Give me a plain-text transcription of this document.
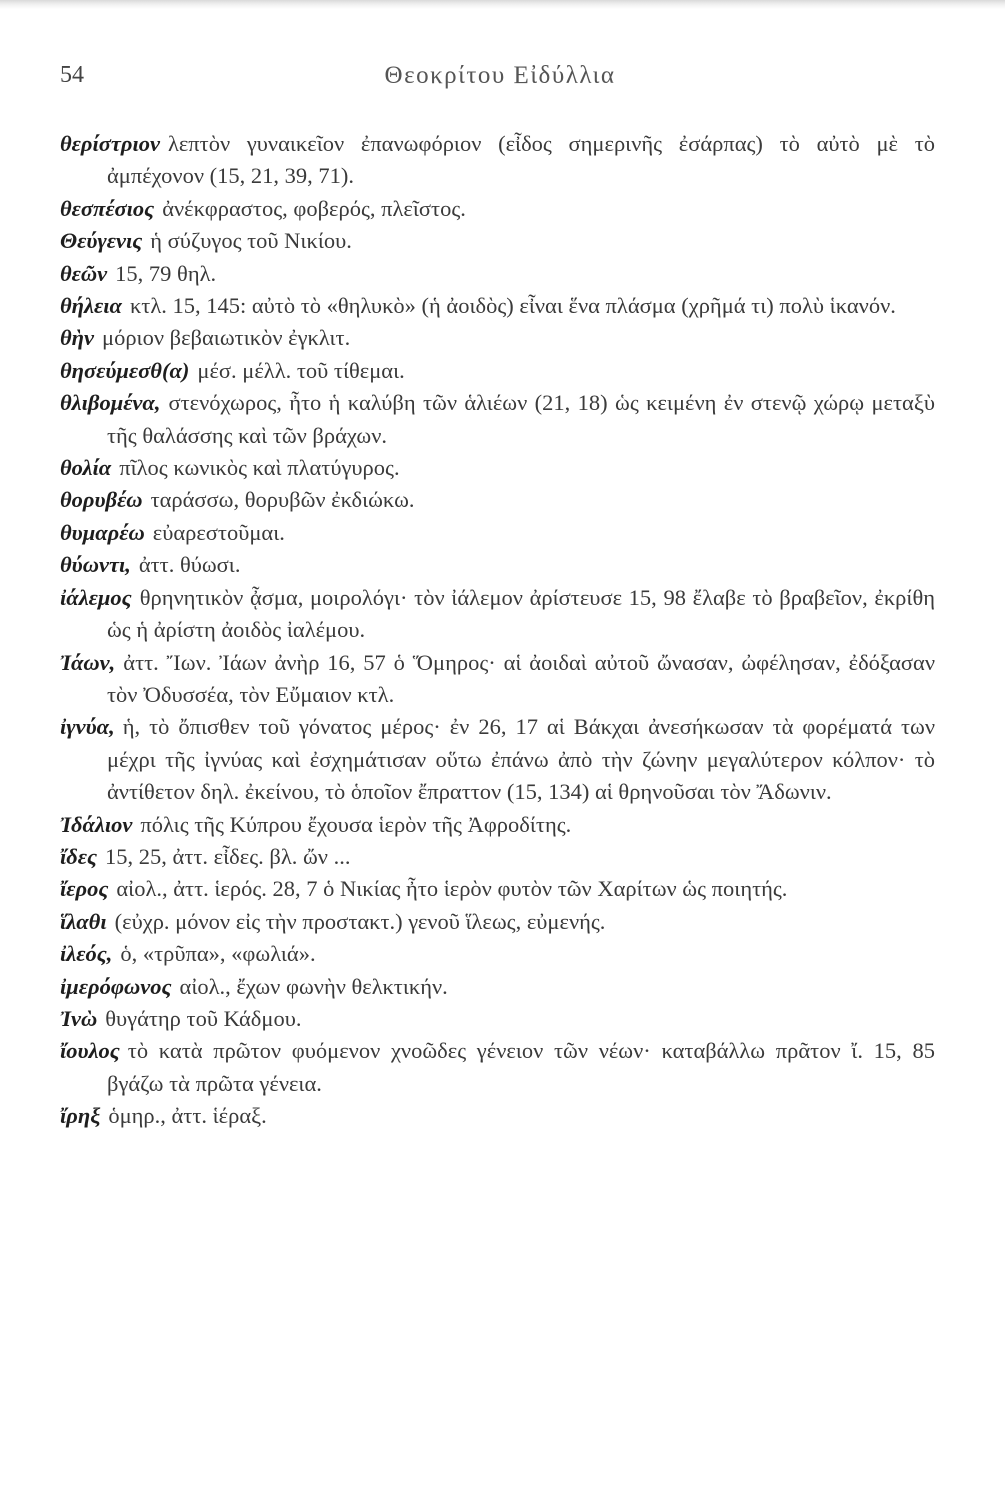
54	Θεοκρίτου Εἰδύλλια

θερίστριον λεπτὸν γυναικεῖον ἐπανωφόριον (εἶδος σημερινῆς ἐσάρπας) τὸ αὐτὸ μὲ τὸ ἀμπέχονον (15, 21, 39, 71).

θεσπέσιος ἀνέκφραστος, φοβερός, πλεῖστος.

Θεύγενις ἡ σύζυγος τοῦ Νικίου.

θεῶν 15, 79 θηλ.

θήλεια κτλ. 15, 145: αὐτὸ τὸ «θηλυκὸ» (ἡ ἀοιδὸς) εἶναι ἕνα πλάσμα (χρῆμά τι) πολὺ ἱκανόν.

θὴν μόριον βεβαιωτικὸν ἐγκλιτ.

θησεύμεσθ(α) μέσ. μέλλ. τοῦ τίθεμαι.

θλιβομένα, στενόχωρος, ἦτο ἡ καλύβη τῶν ἁλιέων (21, 18) ὡς κειμένη ἐν στενῷ χώρῳ μεταξὺ τῆς θαλάσσης καὶ τῶν βράχων.

θολία πῖλος κωνικὸς καὶ πλατύγυρος.

θορυβέω ταράσσω, θορυβῶν ἐκδιώκω.

θυμαρέω εὐαρεστοῦμαι.

θύωντι, ἀττ. θύωσι.

ἰάλεμος θρηνητικὸν ᾆσμα, μοιρολόγι· τὸν ἰάλεμον ἀρίστευσε 15, 98 ἔλαβε τὸ βραβεῖον, ἐκρίθη ὡς ἡ ἀρίστη ἀοιδὸς ἰαλέμου.

Ἰάων, ἀττ. Ἴων. Ἰάων ἀνὴρ 16, 57 ὁ Ὅμηρος· αἱ ἀοιδαὶ αὐτοῦ ὤνασαν, ὠφέλησαν, ἐδόξασαν τὸν Ὀδυσσέα, τὸν Εὔμαιον κτλ.

ἰγνύα, ἡ, τὸ ὄπισθεν τοῦ γόνατος μέρος· ἐν 26, 17 αἱ Βάκχαι ἀνεσήκωσαν τὰ φορέματά των μέχρι τῆς ἰγνύας καὶ ἐσχημάτισαν οὕτω ἐπάνω ἀπὸ τὴν ζώνην μεγαλύτερον κόλπον· τὸ ἀντίθετον δηλ. ἐκείνου, τὸ ὁποῖον ἔπραττον (15, 134) αἱ θρηνοῦσαι τὸν Ἄδωνιν.

Ἰδάλιον πόλις τῆς Κύπρου ἔχουσα ἱερὸν τῆς Ἀφροδίτης.

ἴδες 15, 25, ἀττ. εἶδες. βλ. ὤν ...

ἴερος αἰολ., ἀττ. ἱερός. 28, 7 ὁ Νικίας ἦτο ἱερὸν φυτὸν τῶν Χαρίτων ὡς ποιητής.

ἵλαθι (εὐχρ. μόνον εἰς τὴν προστακτ.) γενοῦ ἵλεως, εὐμενής.

ἰλεός, ὁ, «τρῦπα», «φωλιά».

ἰμερόφωνος αἰολ., ἔχων φωνὴν θελκτικήν.

Ἰνὼ θυγάτηρ τοῦ Κάδμου.

ἴουλος τὸ κατὰ πρῶτον φυόμενον χνοῶδες γένειον τῶν νέων· καταβάλλω πρᾶτον ἴ. 15, 85 βγάζω τὰ πρῶτα γένεια.

ἴρηξ ὁμηρ., ἀττ. ἱέραξ.
